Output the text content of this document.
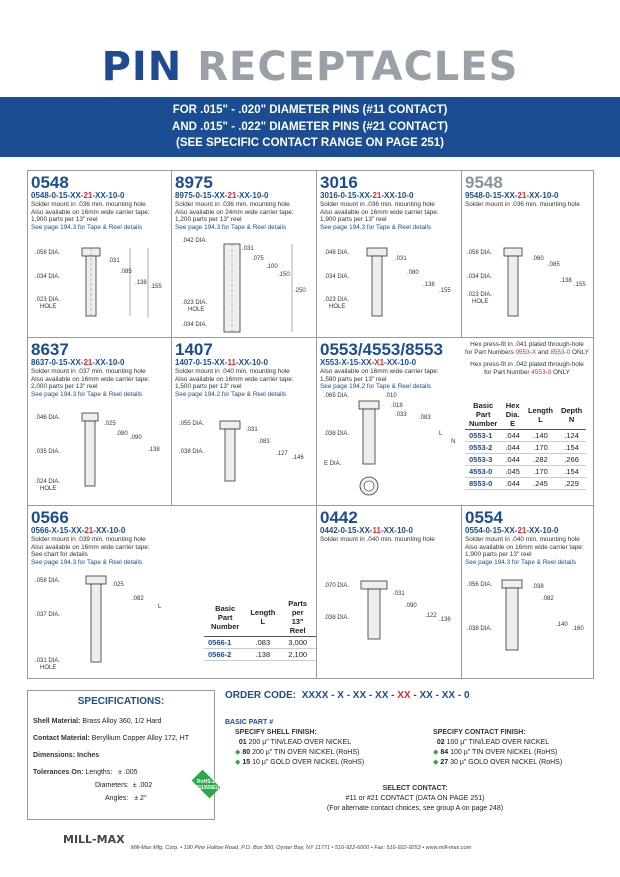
PIN RECEPTACLES
FOR .015" - .020" DIAMETER PINS (#11 CONTACT)
AND .015" - .022" DIAMETER PINS (#21 CONTACT)
(SEE SPECIFIC CONTACT RANGE ON PAGE 251)
0548
0548-0-15-XX-21-XX-10-0
Solder mount in .036 min. mounting hole
Also available on 16mm wide carrier tape:
1,900 parts per 13" reel
See page 194.3 for Tape & Reel details
.058 DIA.
.031
.085
.034 DIA.
.138
.155
.023 DIA.
HOLE
8975
8975-0-15-XX-21-XX-10-0
Solder mount in .036 min. mounting hole
Also available on 24mm wide carrier tape:
1,200 parts per 13" reel
See page 194.3 for Tape & Reel details
.042 DIA.
.031
.075
.100
.150
.250
.023 DIA.
HOLE
.034 DIA.
3016
3016-0-15-XX-21-XX-10-0
Solder mount in .036 min. mounting hole
Also available on 16mm wide carrier tape:
1,900 parts per 13" reel
See page 194.3 for Tape & Reel details
.048 DIA.
.031
.080
.034 DIA.
.138
.155
.023 DIA.
HOLE
9548
9548-0-15-XX-21-XX-10-0
Solder mount in .036 min. mounting hole
.058 DIA.
.060
.085
.034 DIA.
.138
.155
.023 DIA.
HOLE
8637
8637-0-15-XX-21-XX-10-0
Solder mount in .037 min. mounting hole
Also available on 16mm wide carrier tape:
2,000 parts per 13" reel
See page 194.3 for Tape & Reel details
.046 DIA.
.025
.080
.090
.035 DIA.	.138
.024 DIA.
HOLE
1407
1407-0-15-XX-11-XX-10-0
Solder mount in .040 min. mounting hole
Also available on 16mm wide carrier tape:
1,500 parts per 13" reel
See page 194.2 for Tape & Reel details
.055 DIA.
.031
.083
.127
.146
.038 DIA.
0553/4553/8553
X553-X-15-XX-X1-XX-10-0
Also available on 16mm wide carrier tape:
1,580 parts per 13" reel
See page 194.2 for Tape & Reel details
Hex press-fit in .041 plated through-hole
for Part Numbers 0553-X and 8553-0 ONLY
Hex press-fit in .042 plated through-hole
for Part Number 4553-0 ONLY
.065 DIA.	.010
.018
.033 .083
L
N
.038 DIA.
E DIA.
Basic
Part
Number	Hex
Dia.
E	Length
L	Depth
N
0553-1	.044	.140	.124
0553-2	.044	.170	.154
0553-3	.044	.282	.266
4553-0	.045	.170	.154
8553-0	.044	.245	.229
0566
0566-X-15-XX-21-XX-10-0
Solder mount in .039 min. mounting hole
Also available on 16mm wide carrier tape:
See chart for details
See page 194.3 for Tape & Reel details
.058 DIA.
.025
.082
.037 DIA.
L
.031 DIA.
HOLE
Basic Part
Number	Length
L	Parts per
13" Reel
0566-1	.083	3,000
0566-2	.138	2,100
0442
0442-0-15-XX-11-XX-10-0
Solder mount in .040 min. mounting hole
.070 DIA.
.031
.090
.122
.136
.038 DIA.
0554
0554-0-15-XX-21-XX-10-0
Solder mount in .040 min. mounting hole
Also available on 16mm wide carrier tape:
1,900 parts per 13" reel
See page 194.3 for Tape & Reel details
.056 DIA.	.038
.082
.140
.160
.038 DIA.
SPECIFICATIONS:
Shell Material: Brass Alloy 360, 1/2 Hard
Contact Material: Beryllium Copper Alloy 172, HT
Dimensions: Inches
Tolerances On: Lengths: ± .005
Diameters: ± .002
Angles: ± 2°
RoHS-2
2011/65/EU
ORDER CODE: XXXX - X - XX - XX - XX - XX - XX - 0
BASIC PART #
SPECIFY SHELL FINISH:
01 200 µ" TIN/LEAD OVER NICKEL
◆ 80 200 µ" TIN OVER NICKEL (RoHS)
◆ 15 10 µ" GOLD OVER NICKEL (RoHS)
SPECIFY CONTACT FINISH:
02 100 µ" TIN/LEAD OVER NICKEL
◆ 84 100 µ" TIN OVER NICKEL (RoHS)
◆ 27 30 µ" GOLD OVER NICKEL (RoHS)
SELECT CONTACT:
#11 or #21 CONTACT (DATA ON PAGE 251)
(For alternate contact choices, see group A on page 248)
MILL-MAX
Mill-Max Mfg. Corp. • 190 Pine Hollow Road, P.O. Box 300, Oyster Bay, NY 11771 • 516-922-6000 • Fax: 516-922-9253 • www.mill-max.com
